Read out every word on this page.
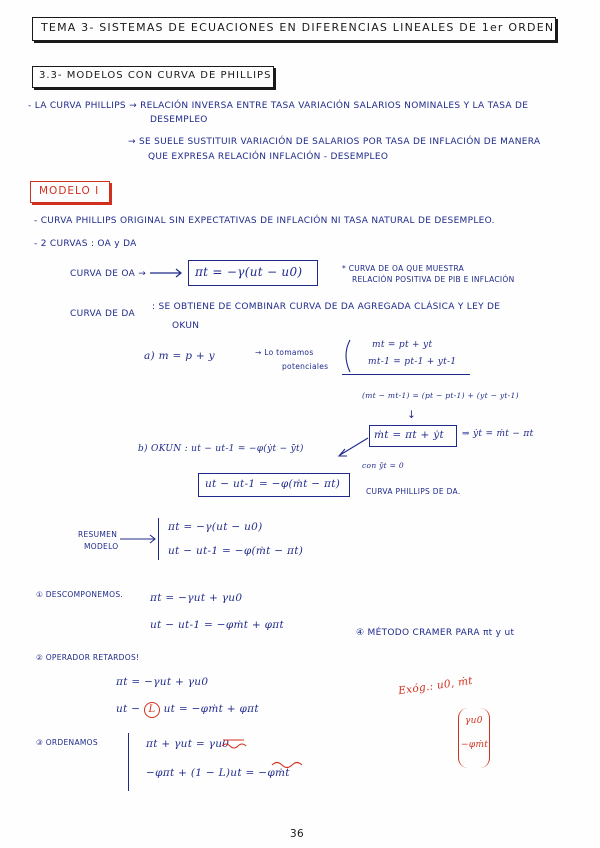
TEMA 3- SISTEMAS DE ECUACIONES EN DIFERENCIAS LINEALES DE 1er ORDEN
3.3- MODELOS CON CURVA DE PHILLIPS
- LA CURVA PHILLIPS → RELACIÓN INVERSA ENTRE TASA VARIACIÓN SALARIOS NOMINALES Y LA TASA DE
DESEMPLEO
→ SE SUELE SUSTITUIR VARIACIÓN DE SALARIOS POR TASA DE INFLACIÓN DE MANERA
QUE EXPRESA RELACIÓN INFLACIÓN - DESEMPLEO
MODELO I
- CURVA PHILLIPS ORIGINAL SIN EXPECTATIVAS DE INFLACIÓN NI TASA NATURAL DE DESEMPLEO.
- 2 CURVAS : OA y DA
CURVA DE OA →	πt = −γ(ut − u0)	* CURVA DE OA QUE MUESTRA
RELACIÓN POSITIVA DE PIB E INFLACIÓN
CURVA DE DA
: SE OBTIENE DE COMBINAR CURVA DE DA AGREGADA CLÁSICA Y LEY DE
OKUN
a) m = p + y	→ Lo tomamos
potenciales
mt = pt + yt
mt-1 = pt-1 + yt-1
(mt − mt-1) = (pt − pt-1) + (yt − yt-1)
↓
ṁt = πt + ẏt ⇒ ẏt = ṁt − πt
b) OKUN : ut − ut-1 = −φ(ẏt − ẏ̄t)
con ẏ̄t = 0
ut − ut-1 = −φ(ṁt − πt)
CURVA PHILLIPS DE DA.
RESUMEN
MODELO
πt = −γ(ut − u0)
ut − ut-1 = −φ(ṁt − πt)
① DESCOMPONEMOS.	πt = −γut + γu0
ut − ut-1 = −φṁt + φπt
④ MÉTODO CRAMER PARA πt y ut
② OPERADOR RETARDOS!
πt = −γut + γu0
ut − L ut = −φṁt + φπt
Exóg.: u0, ṁt
γu0
−φṁt
③ ORDENAMOS	πt + γut = γu0
−φπt + (1 − L)ut = −φṁt
36
